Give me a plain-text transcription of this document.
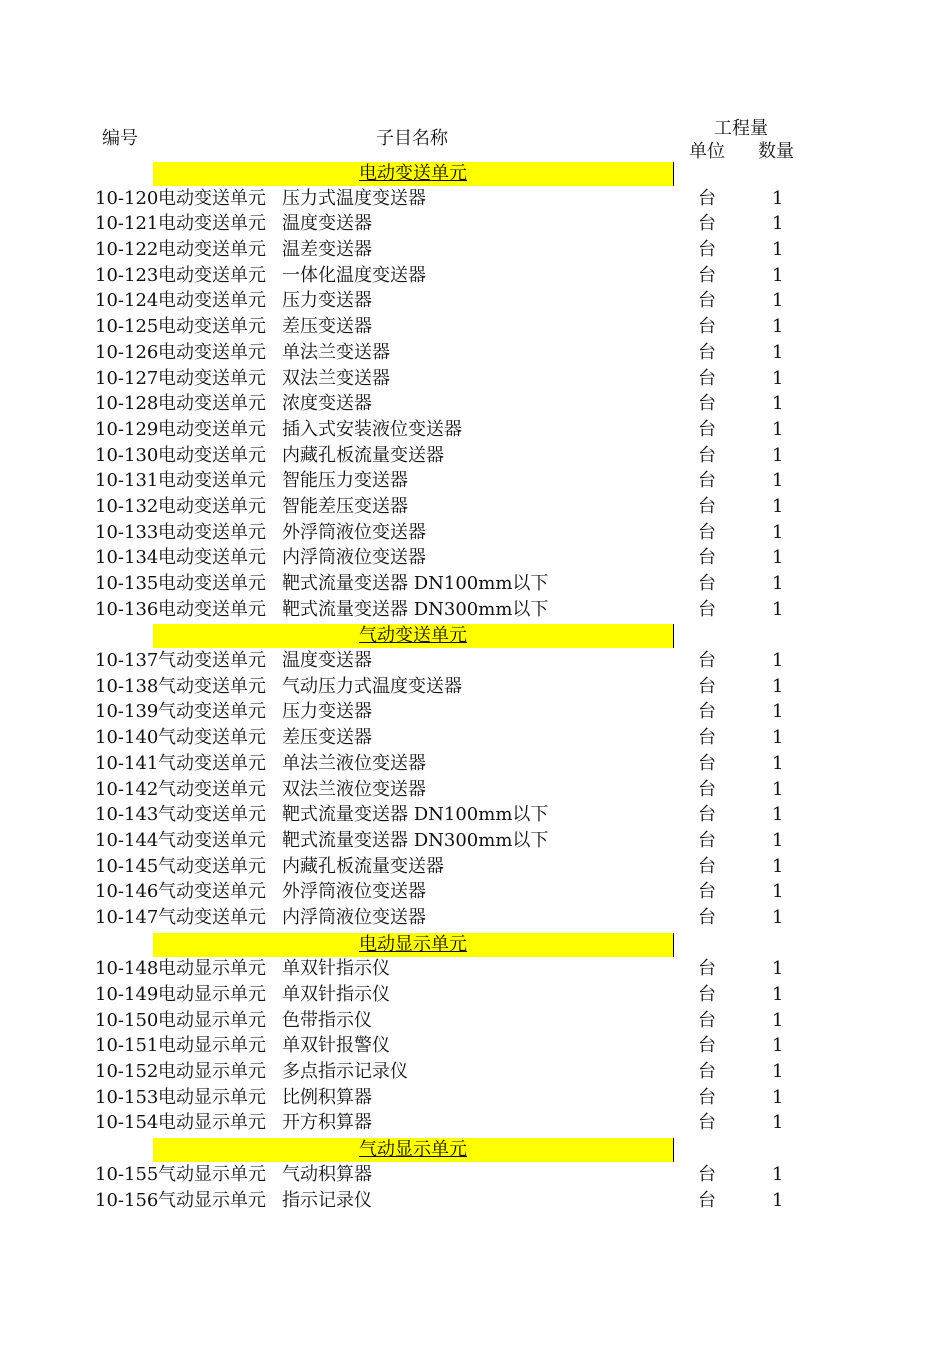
编号	子目名称	工程量
单位 数量
电动变送单元
10-120 电动变送单元 压力式温度变送器	台	1
10-121 电动变送单元 温度变送器	台	1
10-122 电动变送单元 温差变送器	台	1
10-123 电动变送单元 一体化温度变送器	台	1
10-124 电动变送单元 压力变送器	台	1
10-125 电动变送单元 差压变送器	台	1
10-126 电动变送单元 单法兰变送器	台	1
10-127 电动变送单元 双法兰变送器	台	1
10-128 电动变送单元 浓度变送器	台	1
10-129 电动变送单元 插入式安装液位变送器	台	1
10-130 电动变送单元 内藏孔板流量变送器	台	1
10-131 电动变送单元 智能压力变送器	台	1
10-132 电动变送单元 智能差压变送器	台	1
10-133 电动变送单元 外浮筒液位变送器	台	1
10-134 电动变送单元 内浮筒液位变送器	台	1
10-135 电动变送单元 靶式流量变送器 DN100mm以下	台	1
10-136 电动变送单元 靶式流量变送器 DN300mm以下	台	1
气动变送单元
10-137 气动变送单元 温度变送器	台	1
10-138 气动变送单元 气动压力式温度变送器	台	1
10-139 气动变送单元 压力变送器	台	1
10-140 气动变送单元 差压变送器	台	1
10-141 气动变送单元 单法兰液位变送器	台	1
10-142 气动变送单元 双法兰液位变送器	台	1
10-143 气动变送单元 靶式流量变送器 DN100mm以下	台	1
10-144 气动变送单元 靶式流量变送器 DN300mm以下	台	1
10-145 气动变送单元 内藏孔板流量变送器	台	1
10-146 气动变送单元 外浮筒液位变送器	台	1
10-147 气动变送单元 内浮筒液位变送器	台	1
电动显示单元
10-148 电动显示单元 单双针指示仪	台	1
10-149 电动显示单元 单双针指示仪	台	1
10-150 电动显示单元 色带指示仪	台	1
10-151 电动显示单元 单双针报警仪	台	1
10-152 电动显示单元 多点指示记录仪	台	1
10-153 电动显示单元 比例积算器	台	1
10-154 电动显示单元 开方积算器	台	1
气动显示单元
10-155 气动显示单元 气动积算器	台	1
10-156 气动显示单元 指示记录仪	台	1
